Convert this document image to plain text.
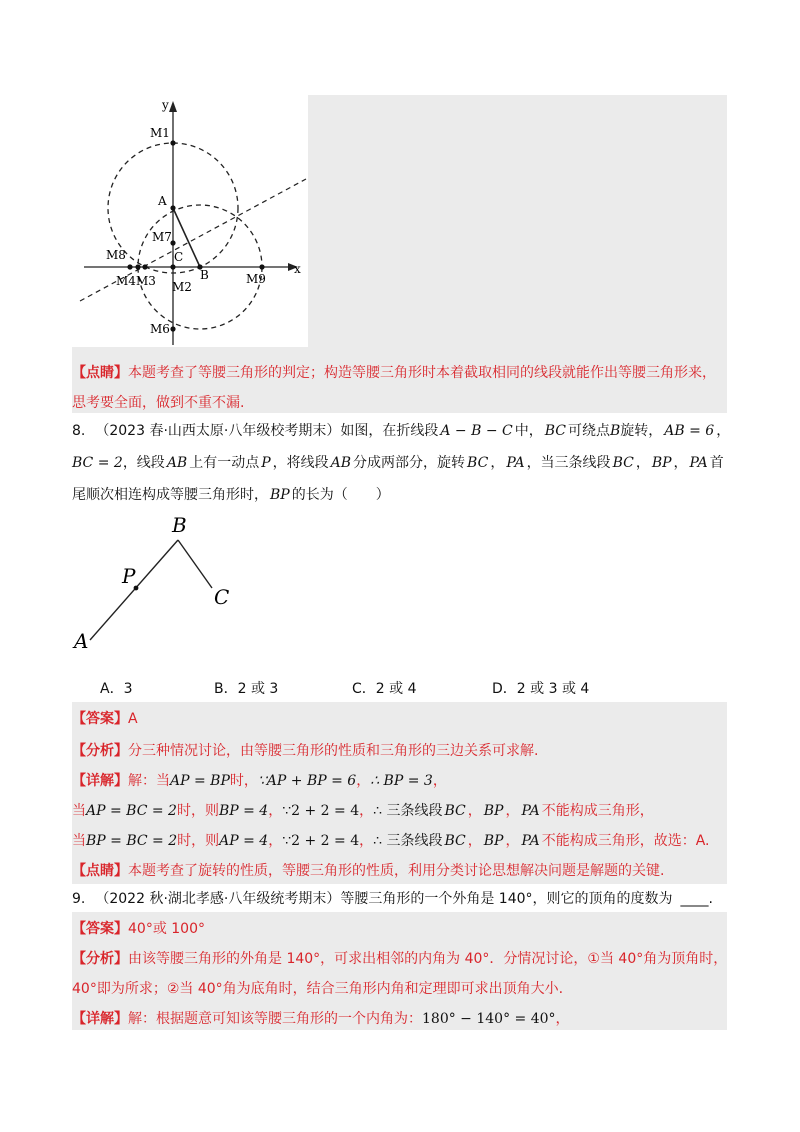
y
x
M1
A
M7
C
M8
B
M4 M3 M2
M9
M6
【点睛】本题考查了等腰三角形的判定；构造等腰三角形时本着截取相同的线段就能作出等腰三角形来，
思考要全面，做到不重不漏.
8. （2023 春·山西太原·八年级校考期末）如图，在折线段 A − B − C 中， BC 可绕点B旋转， AB = 6 ，
BC = 2，线段 AB 上有一动点 P ，将线段 AB 分成两部分，旋转 BC ， PA ，当三条线段 BC ， BP ， PA 首
尾顺次相连构成等腰三角形时， BP 的长为（　　）
B
P
C
A
A．3	B．2 或 3	C．2 或 4	D．2 或 3 或 4
【答案】A
【分析】分三种情况讨论，由等腰三角形的性质和三角形的三边关系可求解.
【详解】解：当AP = BP时，∵AP + BP = 6，∴ BP = 3，
当AP = BC = 2时，则BP = 4，∵2 + 2 = 4，∴ 三条线段 BC ， BP ， PA 不能构成三角形，
当BP = BC = 2时，则AP = 4，∵2 + 2 = 4，∴ 三条线段 BC ， BP ， PA 不能构成三角形，故选：A.
【点睛】本题考查了旋转的性质，等腰三角形的性质，利用分类讨论思想解决问题是解题的关键.
9. （2022 秋·湖北孝感·八年级统考期末）等腰三角形的一个外角是 140°，则它的顶角的度数为 ____.
【答案】40°或 100°
【分析】由该等腰三角形的外角是 140°，可求出相邻的内角为 40°．分情况讨论，①当 40°角为顶角时，
40°即为所求；②当 40°角为底角时，结合三角形内角和定理即可求出顶角大小.
【详解】解：根据题意可知该等腰三角形的一个内角为：180° − 140° = 40°，
